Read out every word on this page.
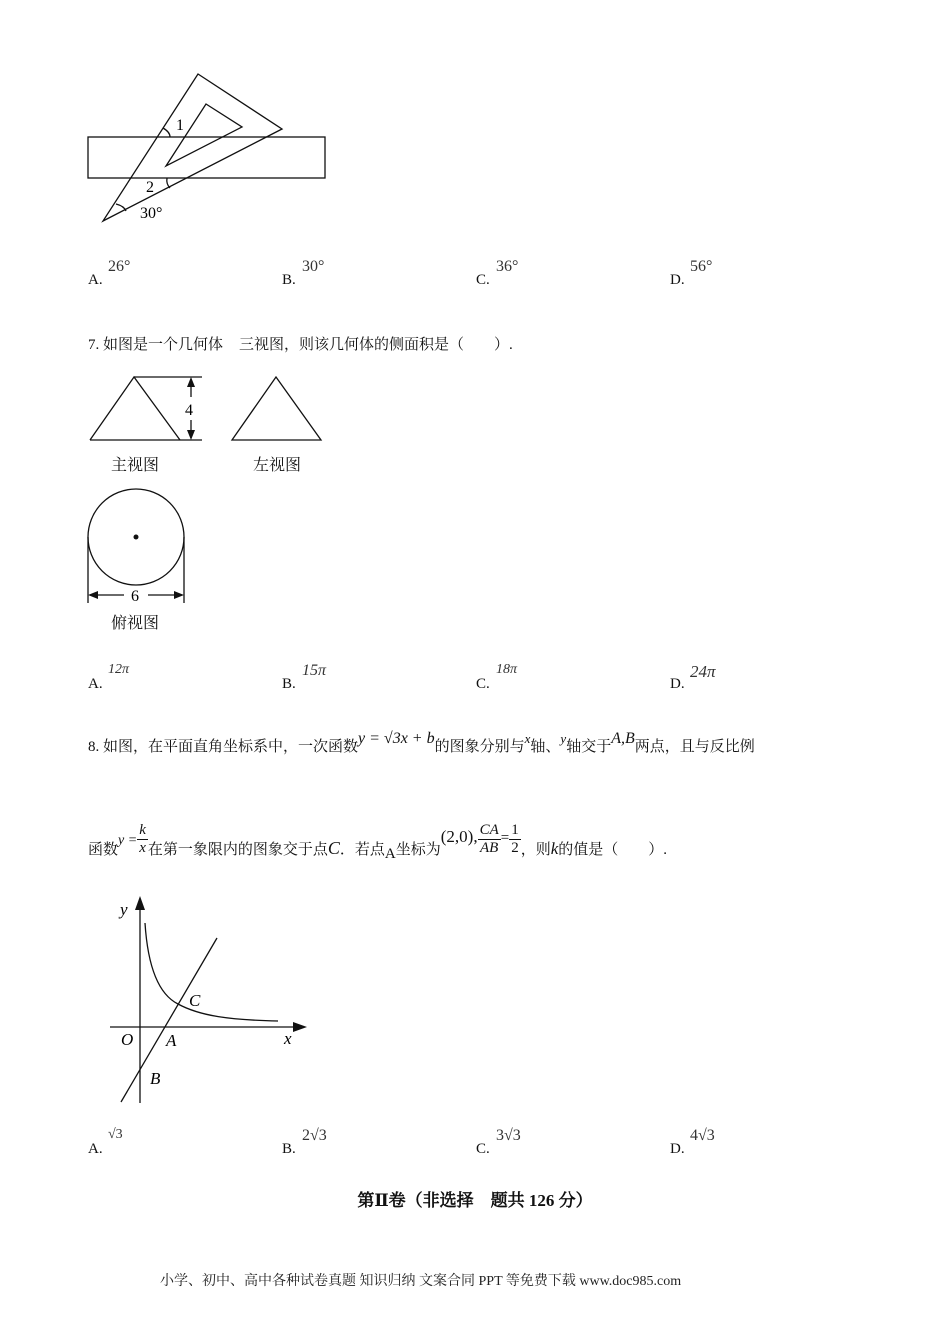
1
2
30°
A.
26°
B.
30°
C.
36°
D.
56°
7. 如图是一个几何体 三视图，则该几何体的侧面积是（　　）.
4
6
主视图	左视图
俯视图
A.
12π
B.
15π
C.
18π
D.
24π
8. 如图，在平面直角坐标系中，一次函数y = √3x + b的图象分别与x轴、y轴交于A,B两点，且与反比例
函数$y = \frac{k}{x}$ 在第一象限内的图象交于点C．若点A坐标为(2,0), $\frac{CA}{AB} = \frac{1}{2}$ ，则k的值是（　　）.
y
x
O A
B
C
A.
√3
B.
2√3
C.
3√3
D.
4√3
第Ⅱ卷（非选择　题共 126 分）
小学、初中、高中各种试卷真题 知识归纳 文案合同 PPT 等免费下载 www.doc985.com
